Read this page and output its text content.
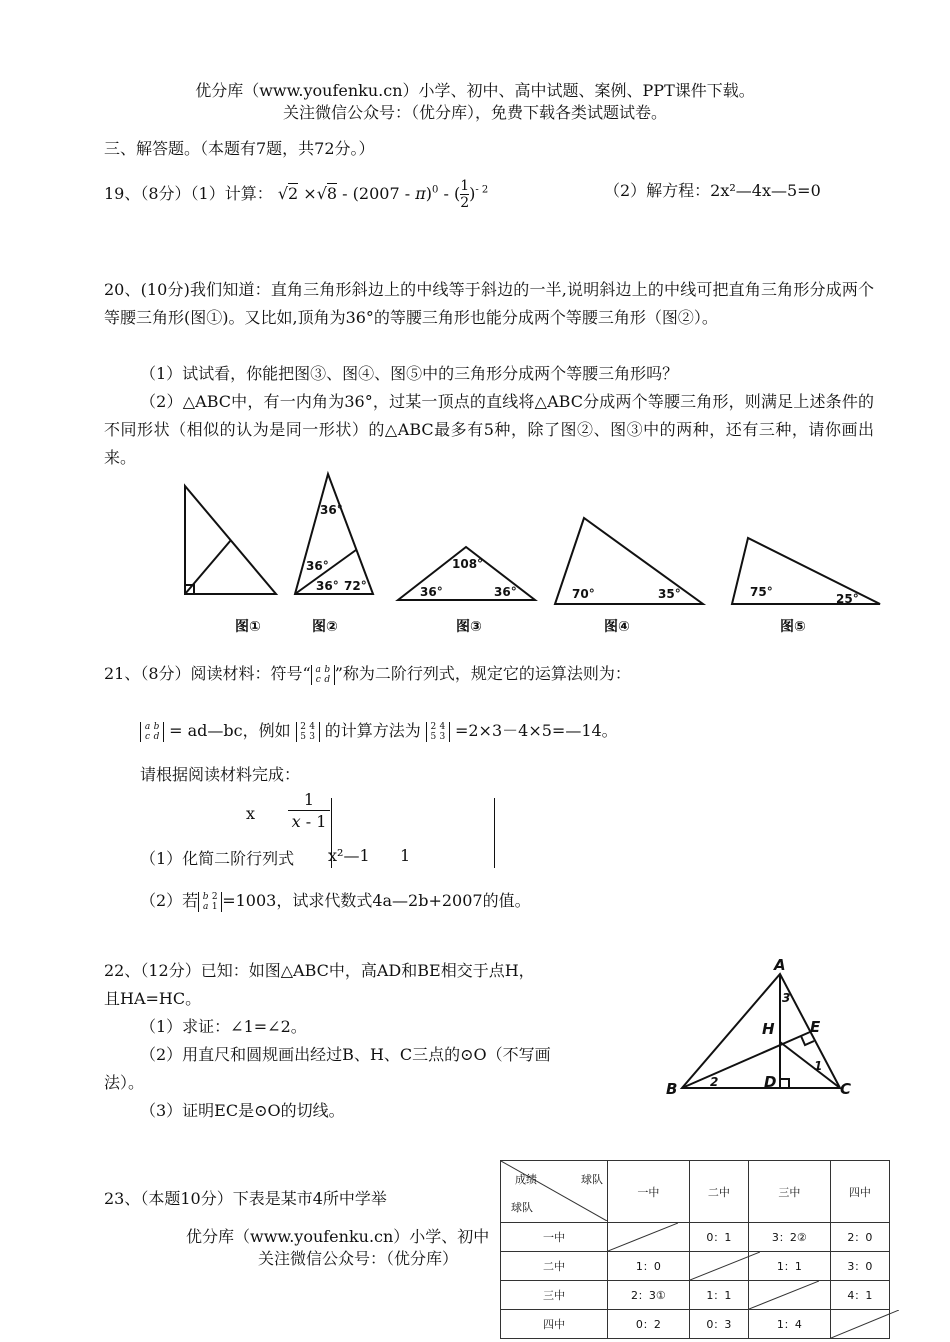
优分库（www.youfenku.cn）小学、初中、高中试题、案例、PPT课件下载。
关注微信公众号：（优分库），免费下载各类试题试卷。
三、解答题。（本题有7题，共72分。）
19、（8分）（1）计算： √2 ×√8 - (2007 - π)$^0$ - ( $\frac{1}{2} )^{- 2}$	（2）解方程：2x²—4x—5=0
20、(10分)我们知道：直角三角形斜边上的中线等于斜边的一半,说明斜边上的中线可把直角三角形分成两个等腰三角形(图①)。又比如,顶角为36°的等腰三角形也能分成两个等腰三角形（图②）。
（1）试试看，你能把图③、图④、图⑤中的三角形分成两个等腰三角形吗？
（2）△ABC中，有一内角为36°，过某一顶点的直线将△ABC分成两个等腰三角形，则满足上述条件的不同形状（相似的认为是同一形状）的△ABC最多有5种，除了图②、图③中的两种，还有三种，请你画出来。
36°
36°
36° 72°
108°
36°	36°	70°	35°	75°	25°
图①	图②	图③	图④	图⑤
21、（8分）阅读材料：符号“ a b
c d ”称为二阶行列式，规定它的运算法则为：
a b
c d = ad—bc，例如 2 4
5 3 的计算方法为 2 4
5 3 =2×3－4×5=—14。
请根据阅读材料完成：
x
1
x - 1
（1）化简二阶行列式 x²—1 1
（2）若 b 2
a 1 =1003，试求代数式4a—2b+2007的值。
22、（12分）已知：如图△ABC中，高AD和BE相交于点H，
且HA=HC。
（1）求证：∠1=∠2。
（2）用直尺和圆规画出经过B、H、C三点的⊙O（不写画
法）。
（3）证明EC是⊙O的切线。
A
B	C
D
E
H
1
2
3
23、（本题10分）下表是某市4所中学举
成绩 球队
球队	一中	二中	三中	四中
一中		0：1	3：2②	2：0
二中	1：0		1：1	3：0
三中	2：3①	1：1		4：1
四中	0：2	0：3	1：4	
优分库（www.youfenku.cn）小学、初中
关注微信公众号：（优分库）
